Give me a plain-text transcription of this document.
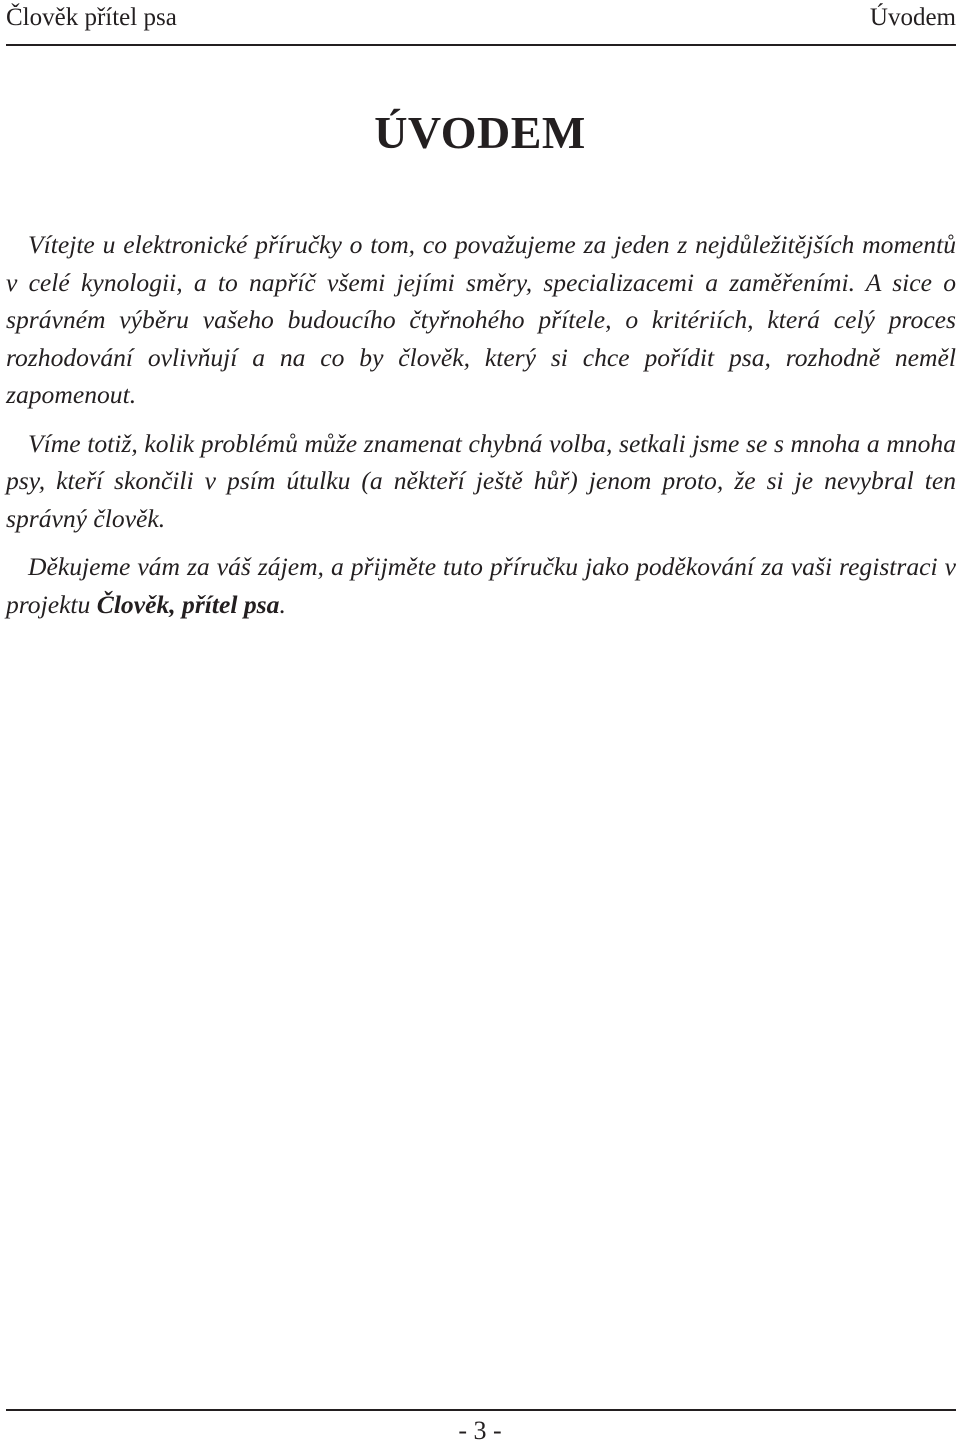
Člověk přítel psa	Úvodem
ÚVODEM

Vítejte u elektronické příručky o tom, co považujeme za jeden z nejdůležitějších momentů v celé kynologii, a to napříč všemi jejími směry, specializacemi a zaměřeními. A sice o správném výběru vašeho budoucího čtyřnohého přítele, o kritériích, která celý proces rozhodování ovlivňují a na co by člověk, který si chce pořídit psa, rozhodně neměl zapomenout.

Víme totiž, kolik problémů může znamenat chybná volba, setkali jsme se s mnoha a mnoha psy, kteří skončili v psím útulku (a někteří ještě hůř) jenom proto, že si je nevybral ten správný člověk.

Děkujeme vám za váš zájem, a přijměte tuto příručku jako poděkování za vaši registraci v projektu Člověk, přítel psa.

- 3 -
